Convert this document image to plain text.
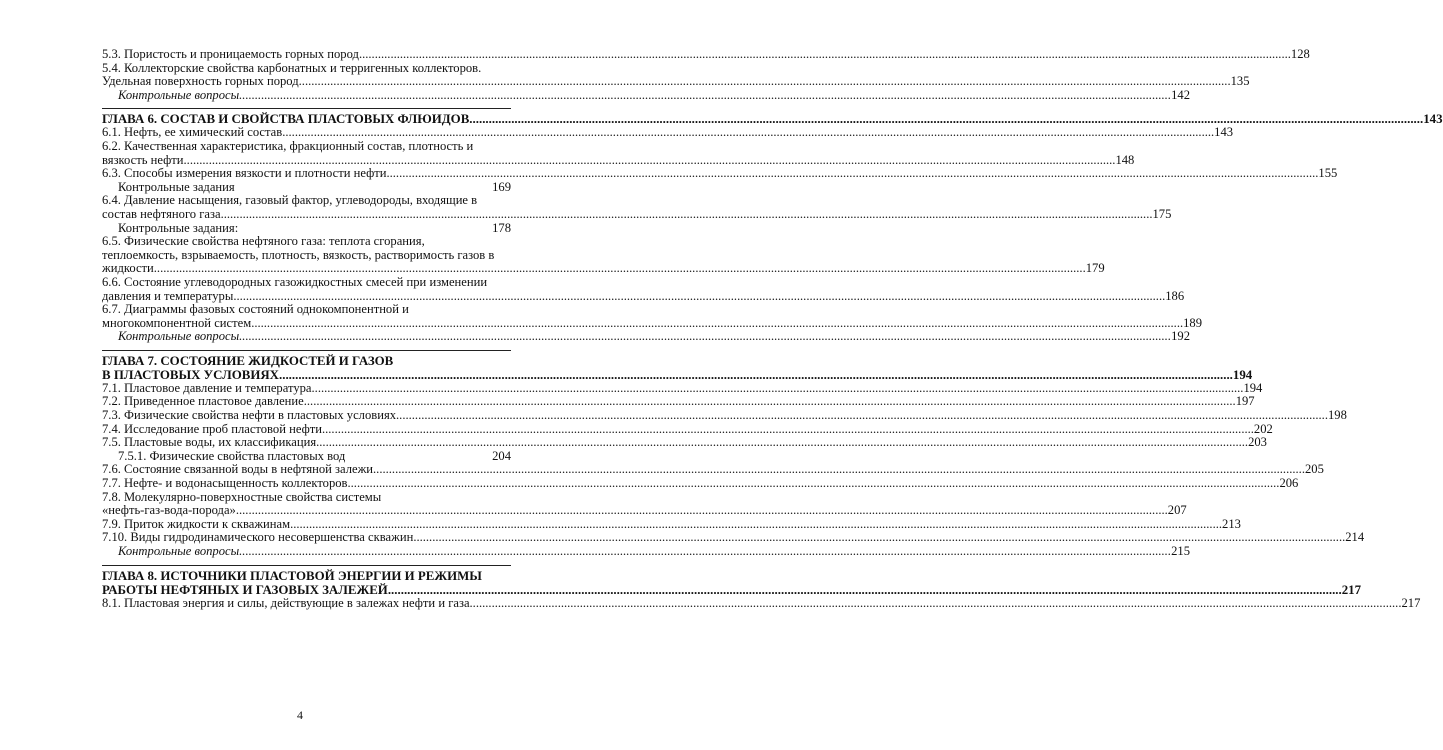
5.3. Пористость и проницаемость горных пород .....	128
5.4. Коллекторские свойства карбонатных и терригенных коллекторов.
Удельная поверхность горных пород .....	135
Контрольные вопросы .....	142
ГЛАВА 6. СОСТАВ И СВОЙСТВА ПЛАСТОВЫХ ФЛЮИДОВ .....	143
6.1. Нефть, ее химический состав .....	143
6.2. Качественная характеристика, фракционный состав, плотность и
вязкость нефти .....	148
6.3. Способы измерения вязкости и плотности нефти .....	155
Контрольные задания	169
6.4. Давление насыщения, газовый фактор, углеводороды, входящие в
состав нефтяного газа .....	175
Контрольные задания:	178
6.5. Физические свойства нефтяного газа: теплота сгорания,
теплоемкость, взрываемость, плотность, вязкость, растворимость газов в
жидкости .....	179
6.6. Состояние углеводородных газожидкостных смесей при изменении
давления и температуры .....	186
6.7. Диаграммы фазовых состояний однокомпонентной и
многокомпонентной систем .....	189
Контрольные вопросы .....	192
ГЛАВА 7. СОСТОЯНИЕ ЖИДКОСТЕЙ И ГАЗОВ
В ПЛАСТОВЫХ УСЛОВИЯХ .....	194
7.1. Пластовое давление и температура .....	194
7.2. Приведенное пластовое давление .....	197
7.3. Физические свойства нефти в пластовых условиях .....	198
7.4. Исследование проб пластовой нефти .....	202
7.5. Пластовые воды, их классификация .....	203
7.5.1. Физические свойства пластовых вод	204
7.6. Состояние связанной воды в нефтяной залежи .....	205
7.7. Нефте- и водонасыщенность коллекторов .....	206
7.8. Молекулярно-поверхностные свойства системы
«нефть-газ-вода-порода» .....	207
7.9. Приток жидкости к скважинам .....	213
7.10. Виды гидродинамического несовершенства скважин .....	214
Контрольные вопросы .....	215
ГЛАВА 8. ИСТОЧНИКИ ПЛАСТОВОЙ ЭНЕРГИИ И РЕЖИМЫ
РАБОТЫ НЕФТЯНЫХ И ГАЗОВЫХ ЗАЛЕЖЕЙ .....	217
8.1. Пластовая энергия и силы, действующие в залежах нефти и газа .....	217
4
